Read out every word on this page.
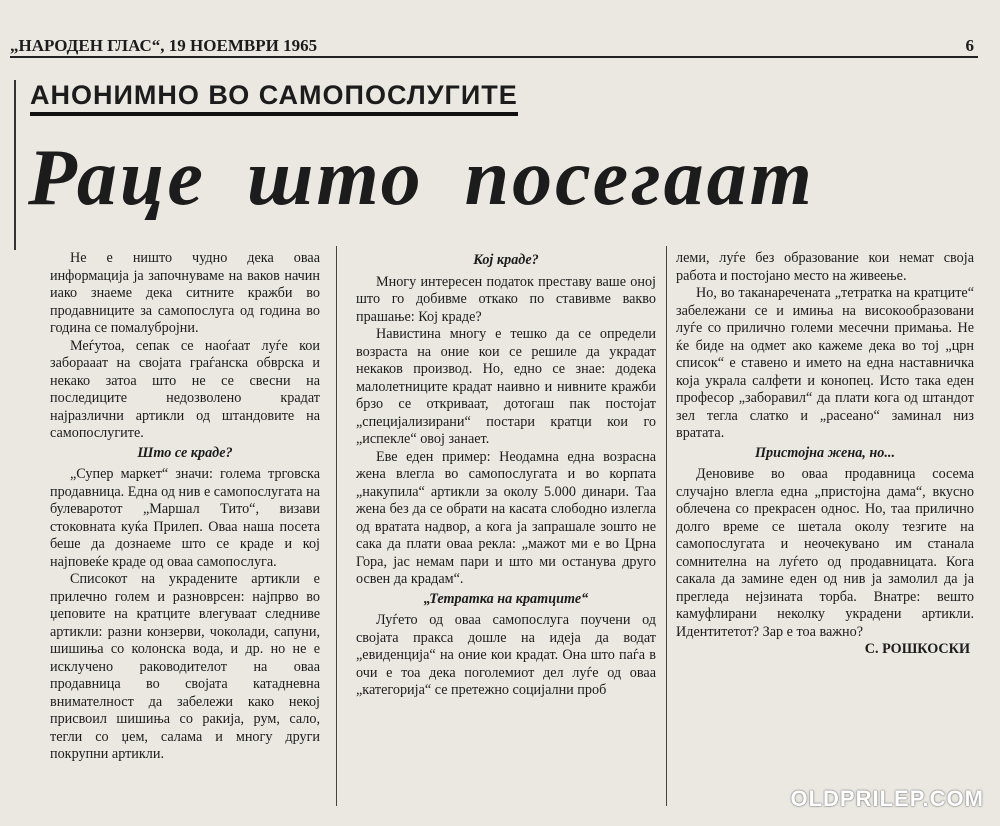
„НАРОДЕН ГЛАС“, 19 НОЕМВРИ 1965	6
АНОНИМНО ВО САМОПОСЛУГИТЕ
Раце што посегаат

Не е ништо чудно дека оваа информација ја започнуваме на ваков начин иако знаеме дека ситните кражби во продавниците за самопослуга од година во година се помалубројни.

Меѓутоа, сепак се наоѓаат луѓе кои заборааат на својата граѓанска обврска и некако затоа што не се свесни на последиците недозволено крадат најразлични артикли од штандовите на самопослугите.

Што се краде?

„Супер маркет“ значи: голема трговска продавница. Една од нив е самопослугата на булеваротот „Маршал Тито“, визави стоковната куќа Прилеп. Оваа наша посета беше да дознаеме што се краде и кој најповеќе краде од оваа самопослуга.

Списокот на украдените артикли е прилечно голем и разноврсен: најпрво во џеповите на кратците влегуваат следниве артикли: разни конзерви, чоколади, сапуни, шишиња со колонска вода, и др. но не е исклучено раководителот на оваа продавница во својата катадневна внимателност да забележи како некој присвоил шишиња со ракија, рум, сало, тегли со џем, салама и многу други покрупни артикли.

Кој краде?

Многу интересен податок преставу ваше оној што го добивме откако по ставивме вакво прашање: Кој краде?

Навистина многу е тешко да се определи возраста на оние кои се решиле да украдат некаков производ. Но, едно се знае: додека малолетниците крадат наивно и нивните кражби брзо се откриваат, дотогаш пак постојат „специјализирани“ постари кратци кои го „испекле“ овој занает.

Еве еден пример: Неодамна една возрасна жена влегла во самопослугата и во корпата „накупила“ артикли за околу 5.000 динари. Таа жена без да се обрати на касата слободно излегла од вратата надвор, а кога ја запрашале зошто не сака да плати оваа рекла: „мажот ми е во Црна Гора, јас немам пари и што ми останува друго освен да крадам“.

„Тетратка на кратците“

Луѓето од оваа самопослуга поучени од својата пракса дошле на идеја да водат „евиденција“ на оние кои крадат. Она што паѓа в очи е тоа дека поголемиот дел луѓе од оваа „категорија“ се претежно социјални проб

леми, луѓе без образование кои немат своја работа и постојано место на живеење.

Но, во таканаречената „тетратка на кратците“ забележани се и имиња на високообразовани луѓе со прилично големи месечни примања. Не ќе биде на одмет ако кажеме дека во тој „црн список“ е ставено и името на една наставничка која украла салфети и конопец. Исто така еден професор „заборавил“ да плати кога од штандот зел тегла слатко и „расеано“ заминал низ вратата.

Пристојна жена, но...

Деновиве во оваа продавница сосема случајно влегла една „пристојна дама“, вкусно облечена со прекрасен однос. Но, таа прилично долго време се шетала околу тезгите на самопослугата и неочекувано им станала сомнителна на луѓето од продавницата. Кога сакала да замине еден од нив ја замолил да ја прегледа нејзината торба. Внатре: вешто камуфлирани неколку украдени артикли. Идентитетот? Зар е тоа важно?

С. РОШКОСКИ

OLDPRILEP.COM
